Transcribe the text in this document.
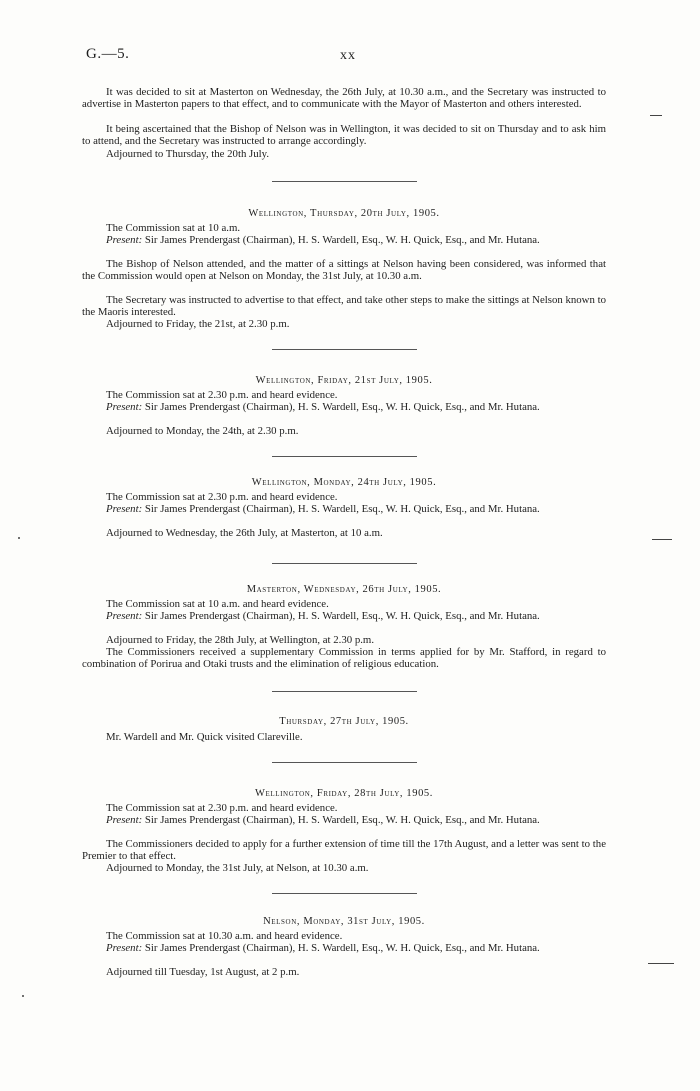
G.—5.	xx

It was decided to sit at Masterton on Wednesday, the 26th July, at 10.30 a.m., and the Secretary was instructed to advertise in Masterton papers to that effect, and to communicate with the Mayor of Masterton and others interested.

It being ascertained that the Bishop of Nelson was in Wellington, it was decided to sit on Thursday and to ask him to attend, and the Secretary was instructed to arrange accordingly.

Adjourned to Thursday, the 20th July.

Wellington, Thursday, 20th July, 1905.

The Commission sat at 10 a.m.

Present: Sir James Prendergast (Chairman), H. S. Wardell, Esq., W. H. Quick, Esq., and Mr. Hutana.

The Bishop of Nelson attended, and the matter of a sittings at Nelson having been considered, was informed that the Commission would open at Nelson on Monday, the 31st July, at 10.30 a.m.

The Secretary was instructed to advertise to that effect, and take other steps to make the sittings at Nelson known to the Maoris interested.

Adjourned to Friday, the 21st, at 2.30 p.m.

Wellington, Friday, 21st July, 1905.

The Commission sat at 2.30 p.m. and heard evidence.

Present: Sir James Prendergast (Chairman), H. S. Wardell, Esq., W. H. Quick, Esq., and Mr. Hutana.

Adjourned to Monday, the 24th, at 2.30 p.m.

Wellington, Monday, 24th July, 1905.

The Commission sat at 2.30 p.m. and heard evidence.

Present: Sir James Prendergast (Chairman), H. S. Wardell, Esq., W. H. Quick, Esq., and Mr. Hutana.

Adjourned to Wednesday, the 26th July, at Masterton, at 10 a.m.

Masterton, Wednesday, 26th July, 1905.

The Commission sat at 10 a.m. and heard evidence.

Present: Sir James Prendergast (Chairman), H. S. Wardell, Esq., W. H. Quick, Esq., and Mr. Hutana.

Adjourned to Friday, the 28th July, at Wellington, at 2.30 p.m.

The Commissioners received a supplementary Commission in terms applied for by Mr. Stafford, in regard to combination of Porirua and Otaki trusts and the elimination of religious education.

Thursday, 27th July, 1905.

Mr. Wardell and Mr. Quick visited Clareville.

Wellington, Friday, 28th July, 1905.

The Commission sat at 2.30 p.m. and heard evidence.

Present: Sir James Prendergast (Chairman), H. S. Wardell, Esq., W. H. Quick, Esq., and Mr. Hutana.

The Commissioners decided to apply for a further extension of time till the 17th August, and a letter was sent to the Premier to that effect.

Adjourned to Monday, the 31st July, at Nelson, at 10.30 a.m.

Nelson, Monday, 31st July, 1905.

The Commission sat at 10.30 a.m. and heard evidence.

Present: Sir James Prendergast (Chairman), H. S. Wardell, Esq., W. H. Quick, Esq., and Mr. Hutana.

Adjourned till Tuesday, 1st August, at 2 p.m.
